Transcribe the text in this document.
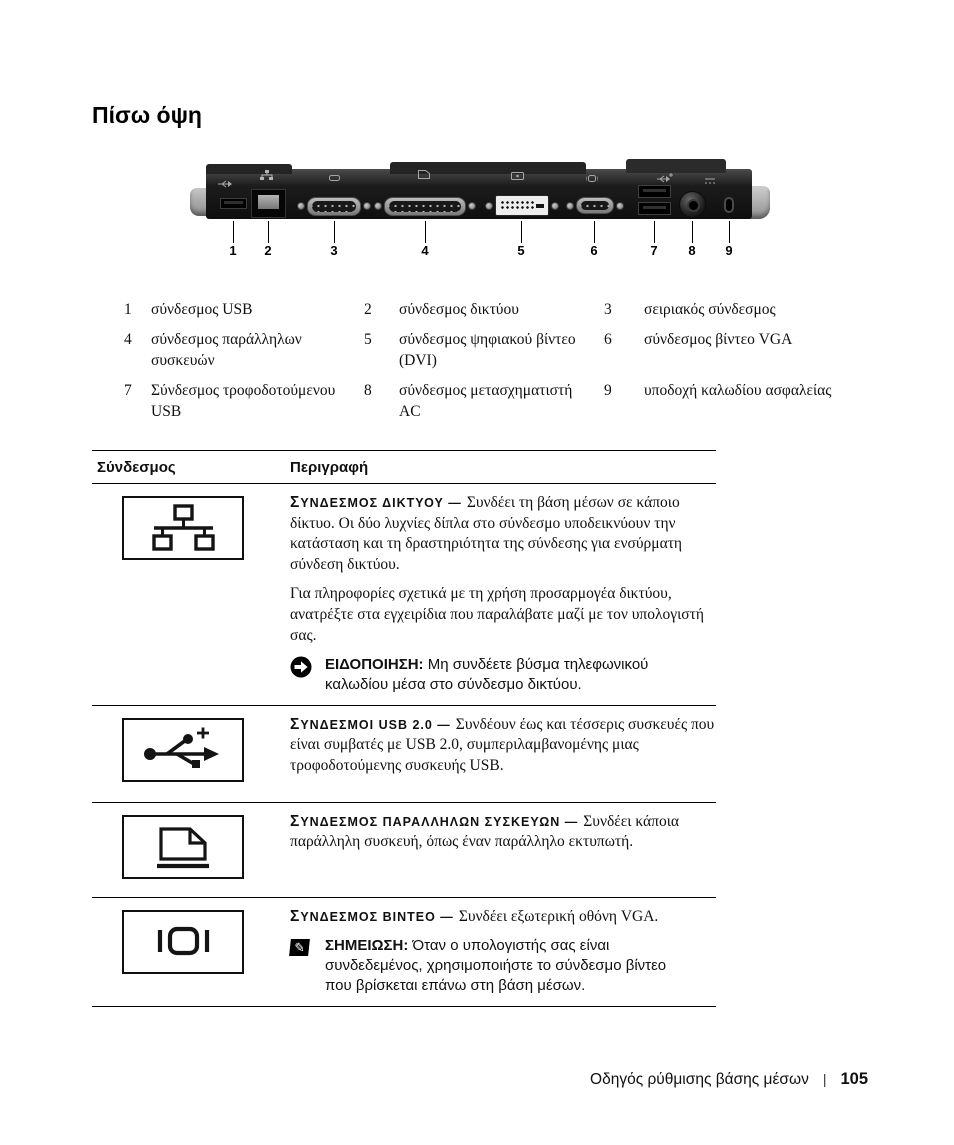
Πίσω όψη
1	2	3	4	5	6	7	8	9
1	σύνδεσμος USB	2	σύνδεσμος δικτύου	3	σειριακός σύνδεσμος
4	σύνδεσμος παράλληλων συσκευών
5	σύνδεσμος ψηφιακού βίντεο (DVI)
6	σύνδεσμος βίντεο VGA
7	Σύνδεσμος τροφοδοτούμενου USB
8	σύνδεσμος μετασχηματιστή AC
9	υποδοχή καλωδίου ασφαλείας
Σύνδεσμος	Περιγραφή

ΣΥΝΔΕΣΜΟΣ ΔΙΚΤΥΟΥ — Συνδέει τη βάση μέσων σε κάποιο δίκτυο. Οι δύο λυχνίες δίπλα στο σύνδεσμο υποδεικνύουν την κατάσταση και τη δραστηριότητα της σύνδεσης για ενσύρματη σύνδεση δικτύου.

Για πληροφορίες σχετικά με τη χρήση προσαρμογέα δικτύου, ανατρέξτε στα εγχειρίδια που παραλάβατε μαζί με τον υπολογιστή σας.

ΕΙΔΟΠΟΙΗΣΗ: Μη συνδέετε βύσμα τηλεφωνικού καλωδίου μέσα στο σύνδεσμο δικτύου.

ΣΥΝΔΕΣΜΟΙ USB 2.0 — Συνδέουν έως και τέσσερις συσκευές που είναι συμβατές με USB 2.0, συμπεριλαμβανομένης μιας τροφοδοτούμενης συσκευής USB.

ΣΥΝΔΕΣΜΟΣ ΠΑΡΑΛΛΗΛΩΝ ΣΥΣΚΕΥΩΝ — Συνδέει κάποια παράλληλη συσκευή, όπως έναν παράλληλο εκτυπωτή.

ΣΥΝΔΕΣΜΟΣ ΒΙΝΤΕΟ — Συνδέει εξωτερική οθόνη VGA.

✎ ΣΗΜΕΙΩΣΗ: Όταν ο υπολογιστής σας είναι συνδεδεμένος, χρησιμοποιήστε το σύνδεσμο βίντεο που βρίσκεται επάνω στη βάση μέσων.
Οδηγός ρύθμισης βάσης μέσων | 105
